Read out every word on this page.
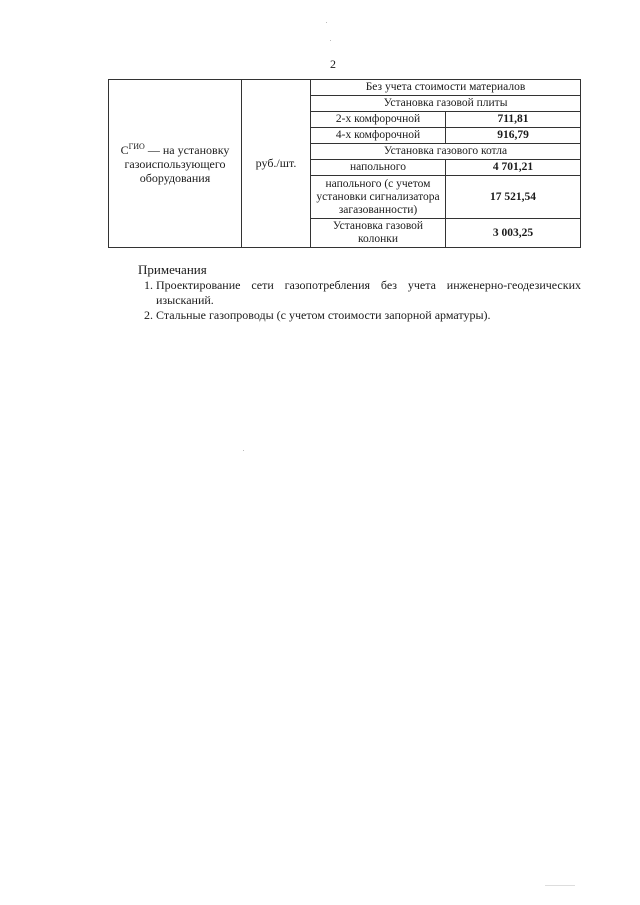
2
$С^{ГИО}$ — на установку газоиспользующего оборудования	руб./шт.	Без учета стоимости материалов	
		Установка газовой плиты	
		2-х комфорочной	711,81
		4-х комфорочной	916,79
		Установка газового котла	
		напольного	4 701,21
		напольного (с учетом установки сигнализатора загазованности)	17 521,54
		Установка газовой колонки	3 003,25
Примечания
1. Проектирование сети газопотребления без учета инженерно-геодезических изысканий.
2. Стальные газопроводы (с учетом стоимости запорной арматуры).
